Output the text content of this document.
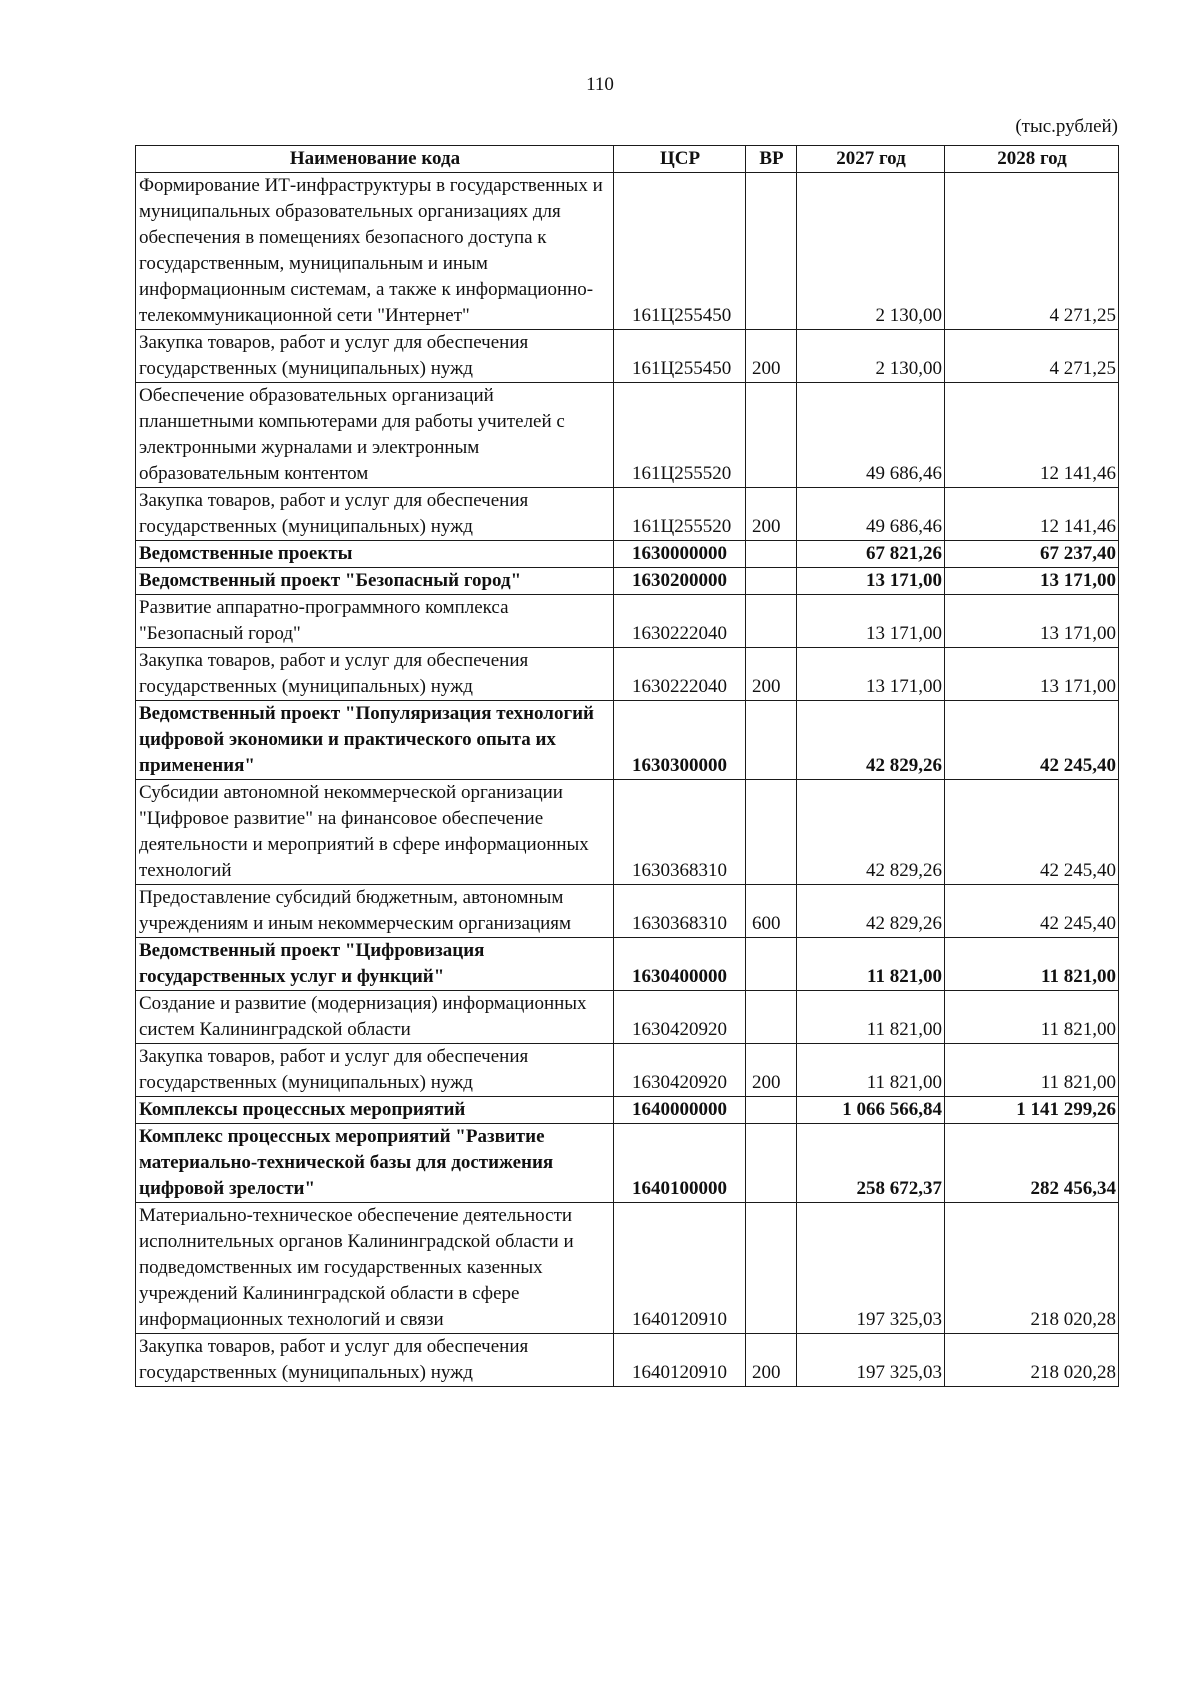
110
(тыс.рублей)
Наименование кода	ЦСР	ВР	2027 год	2028 год
Формирование ИТ-инфраструктуры в государственных и муниципальных образовательных организациях для обеспечения в помещениях безопасного доступа к государственным, муниципальным и иным информационным системам, а также к информационно-телекоммуникационной сети "Интернет"	161Ц255450		2 130,00	4 271,25
Закупка товаров, работ и услуг для обеспечения государственных (муниципальных) нужд	161Ц255450	200	2 130,00	4 271,25
Обеспечение образовательных организаций планшетными компьютерами для работы учителей с электронными журналами и электронным образовательным контентом	161Ц255520		49 686,46	12 141,46
Закупка товаров, работ и услуг для обеспечения государственных (муниципальных) нужд	161Ц255520	200	49 686,46	12 141,46
Ведомственные проекты	1630000000		67 821,26	67 237,40
Ведомственный проект "Безопасный город"	1630200000		13 171,00	13 171,00
Развитие аппаратно-программного комплекса "Безопасный город"	1630222040		13 171,00	13 171,00
Закупка товаров, работ и услуг для обеспечения государственных (муниципальных) нужд	1630222040	200	13 171,00	13 171,00
Ведомственный проект "Популяризация технологий цифровой экономики и практического опыта их применения"	1630300000		42 829,26	42 245,40
Субсидии автономной некоммерческой организации "Цифровое развитие" на финансовое обеспечение деятельности и мероприятий в сфере информационных технологий	1630368310		42 829,26	42 245,40
Предоставление субсидий бюджетным, автономным учреждениям и иным некоммерческим организациям	1630368310	600	42 829,26	42 245,40
Ведомственный проект "Цифровизация государственных услуг и функций"	1630400000		11 821,00	11 821,00
Создание и развитие (модернизация) информационных систем Калининградской области	1630420920		11 821,00	11 821,00
Закупка товаров, работ и услуг для обеспечения государственных (муниципальных) нужд	1630420920	200	11 821,00	11 821,00
Комплексы процессных мероприятий	1640000000		1 066 566,84	1 141 299,26
Комплекс процессных мероприятий "Развитие материально-технической базы для достижения цифровой зрелости"	1640100000		258 672,37	282 456,34
Материально-техническое обеспечение деятельности исполнительных органов Калининградской области и подведомственных им государственных казенных учреждений Калининградской области в сфере информационных технологий и связи	1640120910		197 325,03	218 020,28
Закупка товаров, работ и услуг для обеспечения государственных (муниципальных) нужд	1640120910	200	197 325,03	218 020,28
